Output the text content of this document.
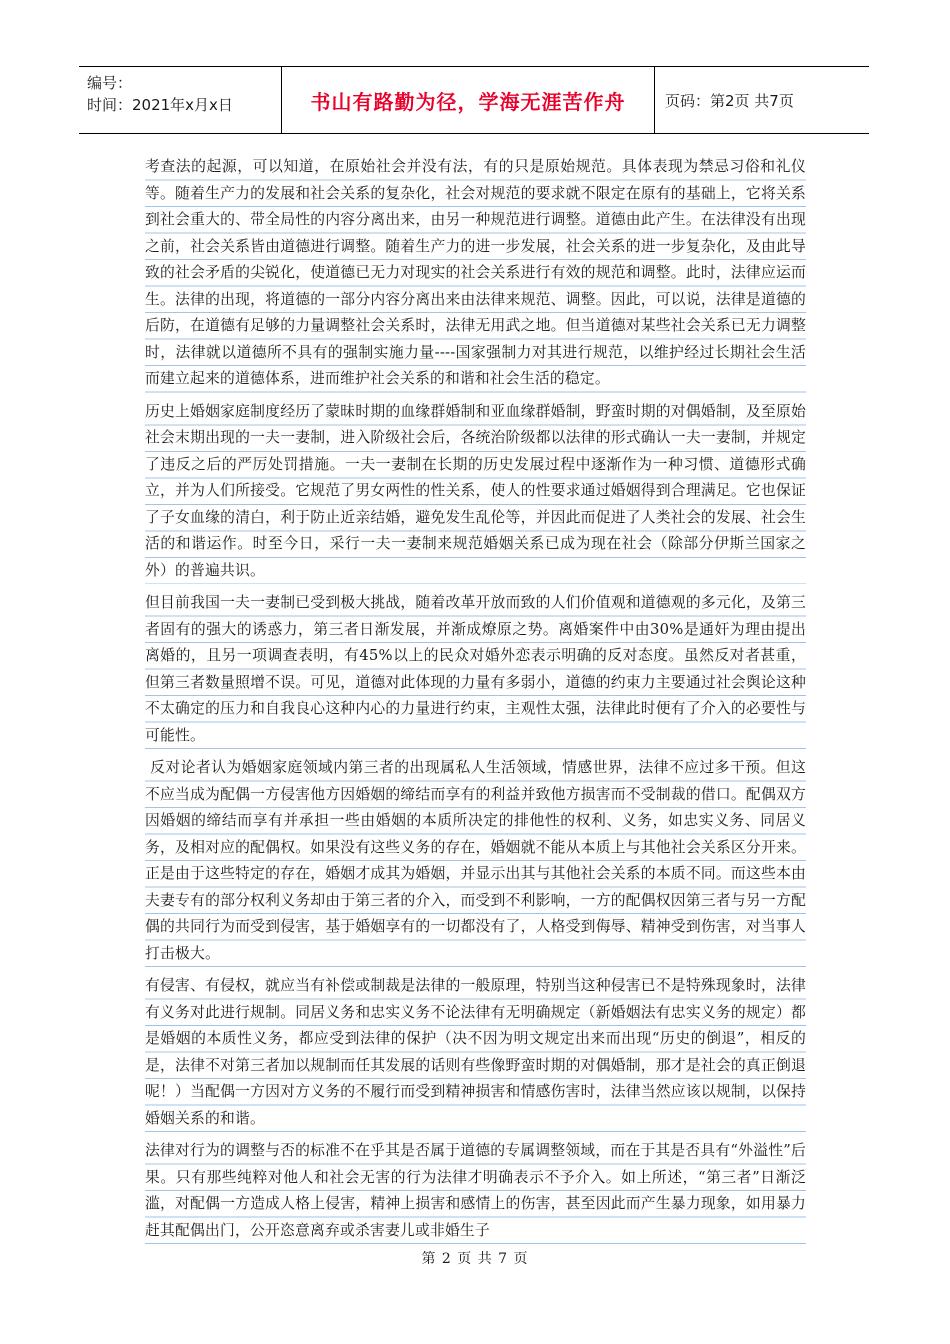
编号：
时间：2021年x月x日	书山有路勤为径，学海无涯苦作舟	页码：第2页 共7页

考查法的起源，可以知道，在原始社会并没有法，有的只是原始规范。具体表现为禁忌习俗和礼仪等。随着生产力的发展和社会关系的复杂化，社会对规范的要求就不限定在原有的基础上，它将关系到社会重大的、带全局性的内容分离出来，由另一种规范进行调整。道德由此产生。在法律没有出现之前，社会关系皆由道德进行调整。随着生产力的进一步发展，社会关系的进一步复杂化，及由此导致的社会矛盾的尖锐化，使道德已无力对现实的社会关系进行有效的规范和调整。此时，法律应运而生。法律的出现，将道德的一部分内容分离出来由法律来规范、调整。因此，可以说，法律是道德的后防，在道德有足够的力量调整社会关系时，法律无用武之地。但当道德对某些社会关系已无力调整时，法律就以道德所不具有的强制实施力量----国家强制力对其进行规范，以维护经过长期社会生活而建立起来的道德体系，进而维护社会关系的和谐和社会生活的稳定。

历史上婚姻家庭制度经历了蒙昧时期的血缘群婚制和亚血缘群婚制，野蛮时期的对偶婚制，及至原始社会末期出现的一夫一妻制，进入阶级社会后，各统治阶级都以法律的形式确认一夫一妻制，并规定了违反之后的严厉处罚措施。一夫一妻制在长期的历史发展过程中逐渐作为一种习惯、道德形式确立，并为人们所接受。它规范了男女两性的性关系，使人的性要求通过婚姻得到合理满足。它也保证了子女血缘的清白，利于防止近亲结婚，避免发生乱伦等，并因此而促进了人类社会的发展、社会生活的和谐运作。时至今日，采行一夫一妻制来规范婚姻关系已成为现在社会（除部分伊斯兰国家之外）的普遍共识。

但目前我国一夫一妻制已受到极大挑战，随着改革开放而致的人们价值观和道德观的多元化，及第三者固有的强大的诱惑力，第三者日渐发展，并渐成燎原之势。离婚案件中由30%是通奸为理由提出离婚的，且另一项调查表明，有45%以上的民众对婚外恋表示明确的反对态度。虽然反对者甚重，但第三者数量照增不误。可见，道德对此体现的力量有多弱小，道德的约束力主要通过社会舆论这种不太确定的压力和自我良心这种内心的力量进行约束，主观性太强，法律此时便有了介入的必要性与可能性。

反对论者认为婚姻家庭领域内第三者的出现属私人生活领域，情感世界，法律不应过多干预。但这不应当成为配偶一方侵害他方因婚姻的缔结而享有的利益并致他方损害而不受制裁的借口。配偶双方因婚姻的缔结而享有并承担一些由婚姻的本质所决定的排他性的权利、义务，如忠实义务、同居义务，及相对应的配偶权。如果没有这些义务的存在，婚姻就不能从本质上与其他社会关系区分开来。正是由于这些特定的存在，婚姻才成其为婚姻，并显示出其与其他社会关系的本质不同。而这些本由夫妻专有的部分权利义务却由于第三者的介入，而受到不利影响，一方的配偶权因第三者与另一方配偶的共同行为而受到侵害，基于婚姻享有的一切都没有了，人格受到侮辱、精神受到伤害，对当事人打击极大。

有侵害、有侵权，就应当有补偿或制裁是法律的一般原理，特别当这种侵害已不是特殊现象时，法律有义务对此进行规制。同居义务和忠实义务不论法律有无明确规定（新婚姻法有忠实义务的规定）都是婚姻的本质性义务，都应受到法律的保护（决不因为明文规定出来而出现“历史的倒退”，相反的是，法律不对第三者加以规制而任其发展的话则有些像野蛮时期的对偶婚制，那才是社会的真正倒退呢！）当配偶一方因对方义务的不履行而受到精神损害和情感伤害时，法律当然应该以规制，以保持婚姻关系的和谐。

法律对行为的调整与否的标准不在乎其是否属于道德的专属调整领域，而在于其是否具有“外溢性”后果。只有那些纯粹对他人和社会无害的行为法律才明确表示不予介入。如上所述，“第三者”日渐泛滥，对配偶一方造成人格上侵害，精神上损害和感情上的伤害，甚至因此而产生暴力现象，如用暴力赶其配偶出门，公开恣意离弃或杀害妻儿或非婚生子

第 2 页 共 7 页
